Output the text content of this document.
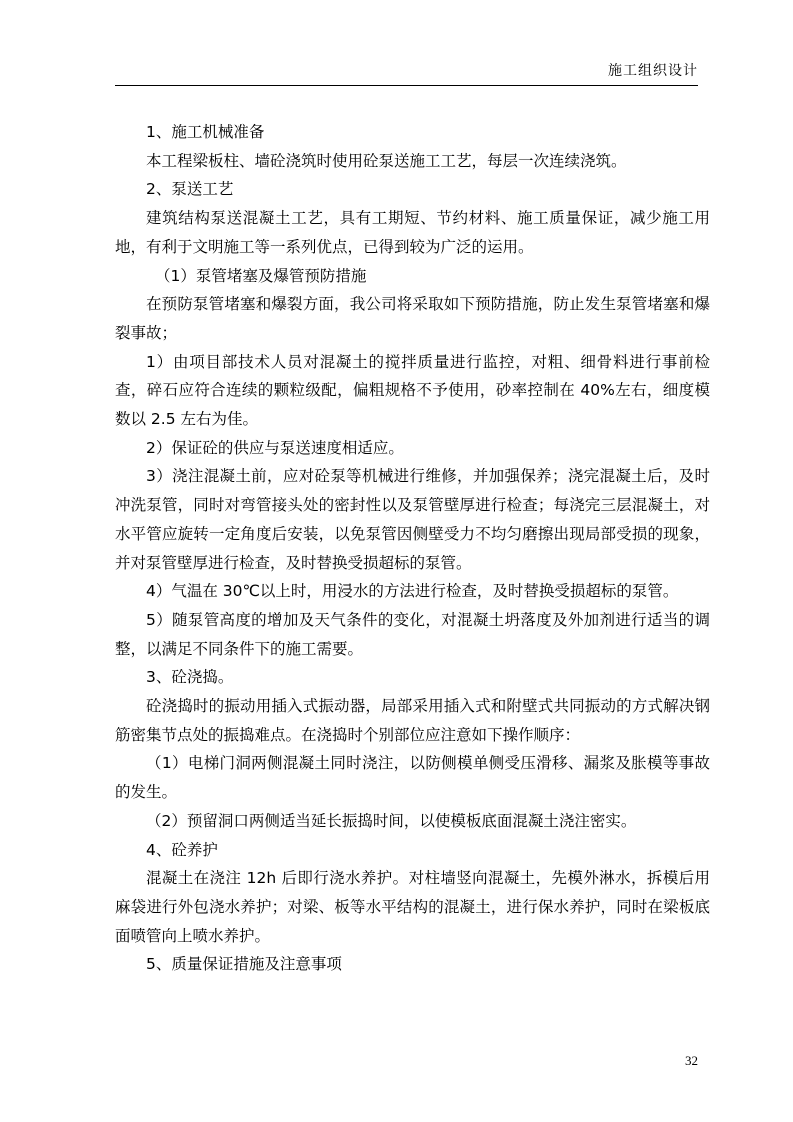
施工组织设计

1、施工机械准备

本工程梁板柱、墙砼浇筑时使用砼泵送施工工艺，每层一次连续浇筑。

2、泵送工艺

建筑结构泵送混凝土工艺，具有工期短、节约材料、施工质量保证，减少施工用地，有利于文明施工等一系列优点，已得到较为广泛的运用。

（1）泵管堵塞及爆管预防措施

在预防泵管堵塞和爆裂方面，我公司将采取如下预防措施，防止发生泵管堵塞和爆裂事故；

1）由项目部技术人员对混凝土的搅拌质量进行监控，对粗、细骨料进行事前检查，碎石应符合连续的颗粒级配，偏粗规格不予使用，砂率控制在 40%左右，细度模数以 2.5 左右为佳。

2）保证砼的供应与泵送速度相适应。

3）浇注混凝土前，应对砼泵等机械进行维修，并加强保养；浇完混凝土后，及时冲洗泵管，同时对弯管接头处的密封性以及泵管壁厚进行检查；每浇完三层混凝土，对水平管应旋转一定角度后安装，以免泵管因侧壁受力不均匀磨擦出现局部受损的现象，并对泵管壁厚进行检查，及时替换受损超标的泵管。

4）气温在 30℃以上时，用浸水的方法进行检查，及时替换受损超标的泵管。

5）随泵管高度的增加及天气条件的变化，对混凝土坍落度及外加剂进行适当的调整，以满足不同条件下的施工需要。

3、砼浇捣。

砼浇捣时的振动用插入式振动器，局部采用插入式和附壁式共同振动的方式解决钢筋密集节点处的振捣难点。在浇捣时个别部位应注意如下操作顺序：

（1）电梯门洞两侧混凝土同时浇注，以防侧模单侧受压滑移、漏浆及胀模等事故的发生。

（2）预留洞口两侧适当延长振捣时间，以使模板底面混凝土浇注密实。

4、砼养护

混凝土在浇注 12h 后即行浇水养护。对柱墙竖向混凝土，先模外淋水，拆模后用麻袋进行外包浇水养护；对梁、板等水平结构的混凝土，进行保水养护，同时在梁板底面喷管向上喷水养护。

5、质量保证措施及注意事项

32
